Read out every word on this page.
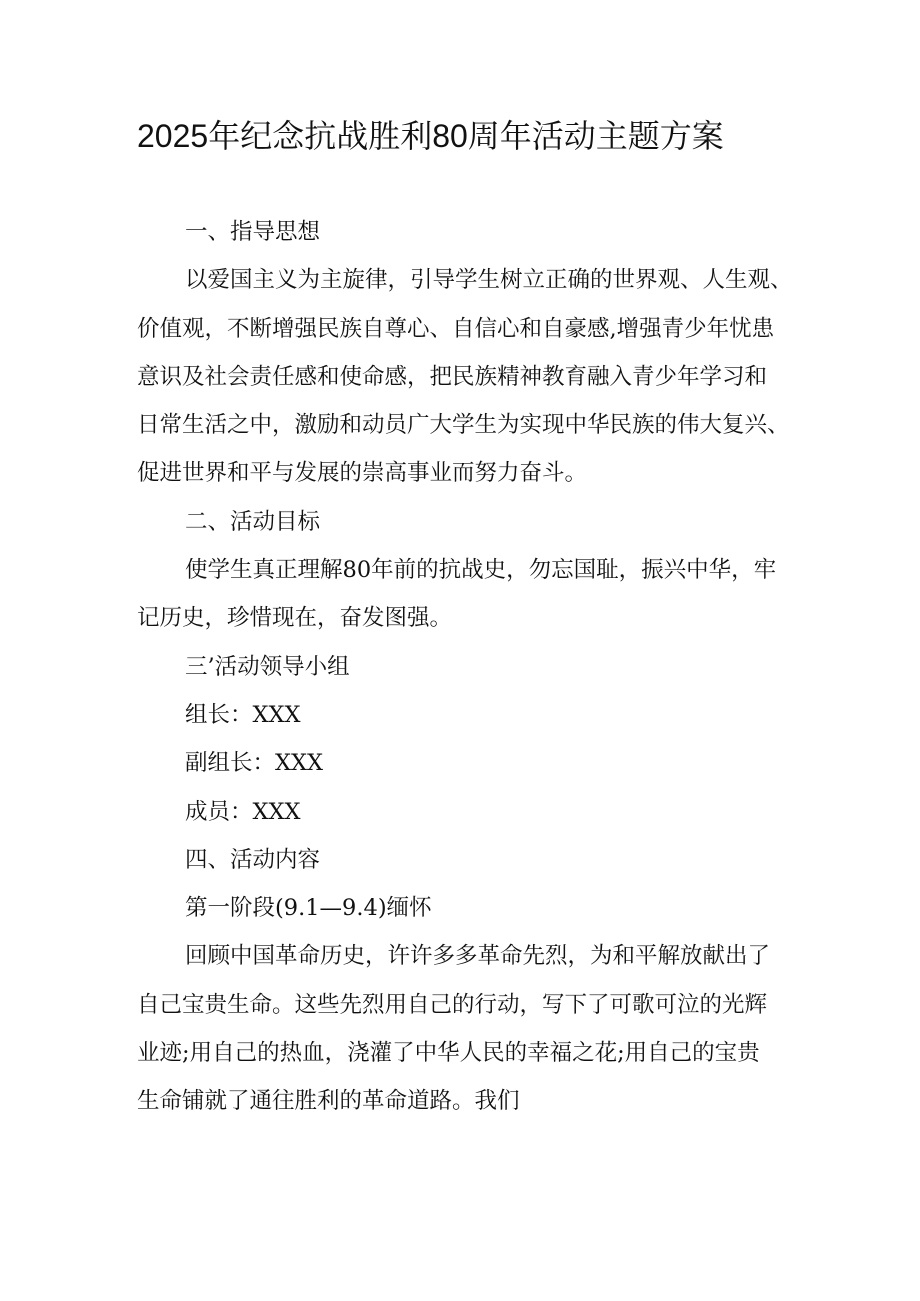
2025年纪念抗战胜利80周年活动主题方案
一、指导思想
以爱国主义为主旋律，引导学生树立正确的世界观、人生观、
价值观，不断增强民族自尊心、自信心和自豪感,增强青少年忧患
意识及社会责任感和使命感，把民族精神教育融入青少年学习和
日常生活之中，激励和动员广大学生为实现中华民族的伟大复兴、
促进世界和平与发展的崇高事业而努力奋斗。
二、活动目标
使学生真正理解80年前的抗战史，勿忘国耻，振兴中华，牢
记历史，珍惜现在，奋发图强。
三’活动领导小组
组长：XXX
副组长：XXX
成员：XXX
四、活动内容
第一阶段(9.1—9.4)缅怀
回顾中国革命历史，许许多多革命先烈，为和平解放献出了
自己宝贵生命。这些先烈用自己的行动，写下了可歌可泣的光辉
业迹;用自己的热血，浇灌了中华人民的幸福之花;用自己的宝贵
生命铺就了通往胜利的革命道路。我们
